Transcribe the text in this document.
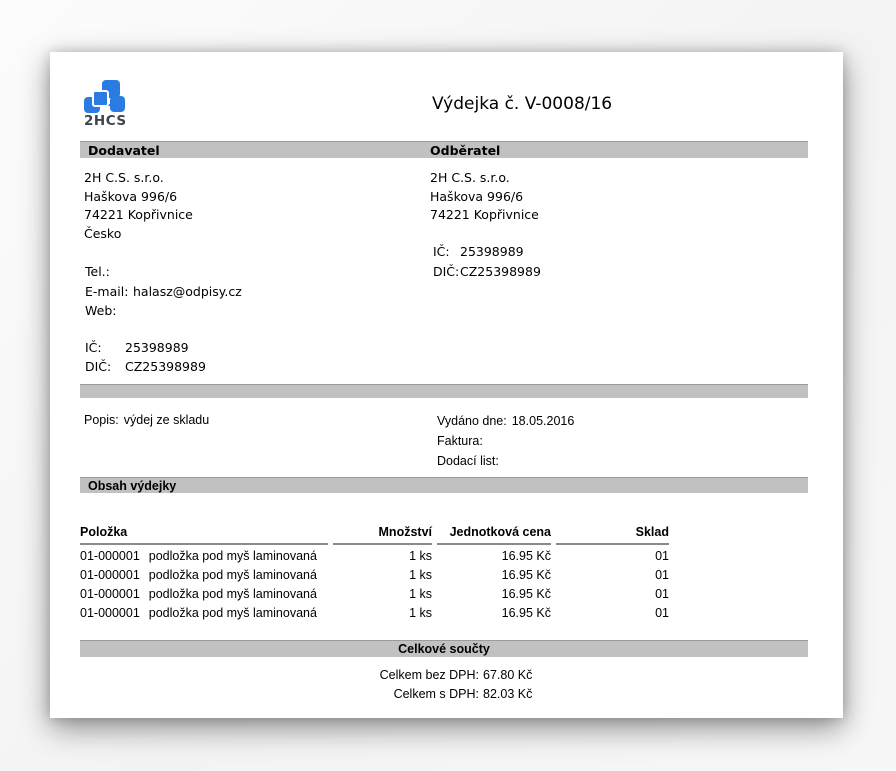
2HCS
Výdejka č. V-0008/16
Dodavatel	Odběratel
2H C.S. s.r.o.
Haškova 996/6
74221 Kopřivnice
Česko
2H C.S. s.r.o.
Haškova 996/6
74221 Kopřivnice
IČ: 25398989
DIČ: CZ25398989
Tel.:
E-mail: halasz@odpisy.cz
Web:
IČ:	25398989
DIČ:	CZ25398989
Popis: výdej ze skladu	Vydáno dne: 18.05.2016
Faktura:
Dodací list:
Obsah výdejky
Položka	Množství	Jednotková cena	Sklad
01-000001 podložka pod myš laminovaná	1 ks	16.95 Kč	01
01-000001 podložka pod myš laminovaná	1 ks	16.95 Kč	01
01-000001 podložka pod myš laminovaná	1 ks	16.95 Kč	01
01-000001 podložka pod myš laminovaná	1 ks	16.95 Kč	01
Celkové součty
Celkem bez DPH: 67.80 Kč
Celkem s DPH: 82.03 Kč
